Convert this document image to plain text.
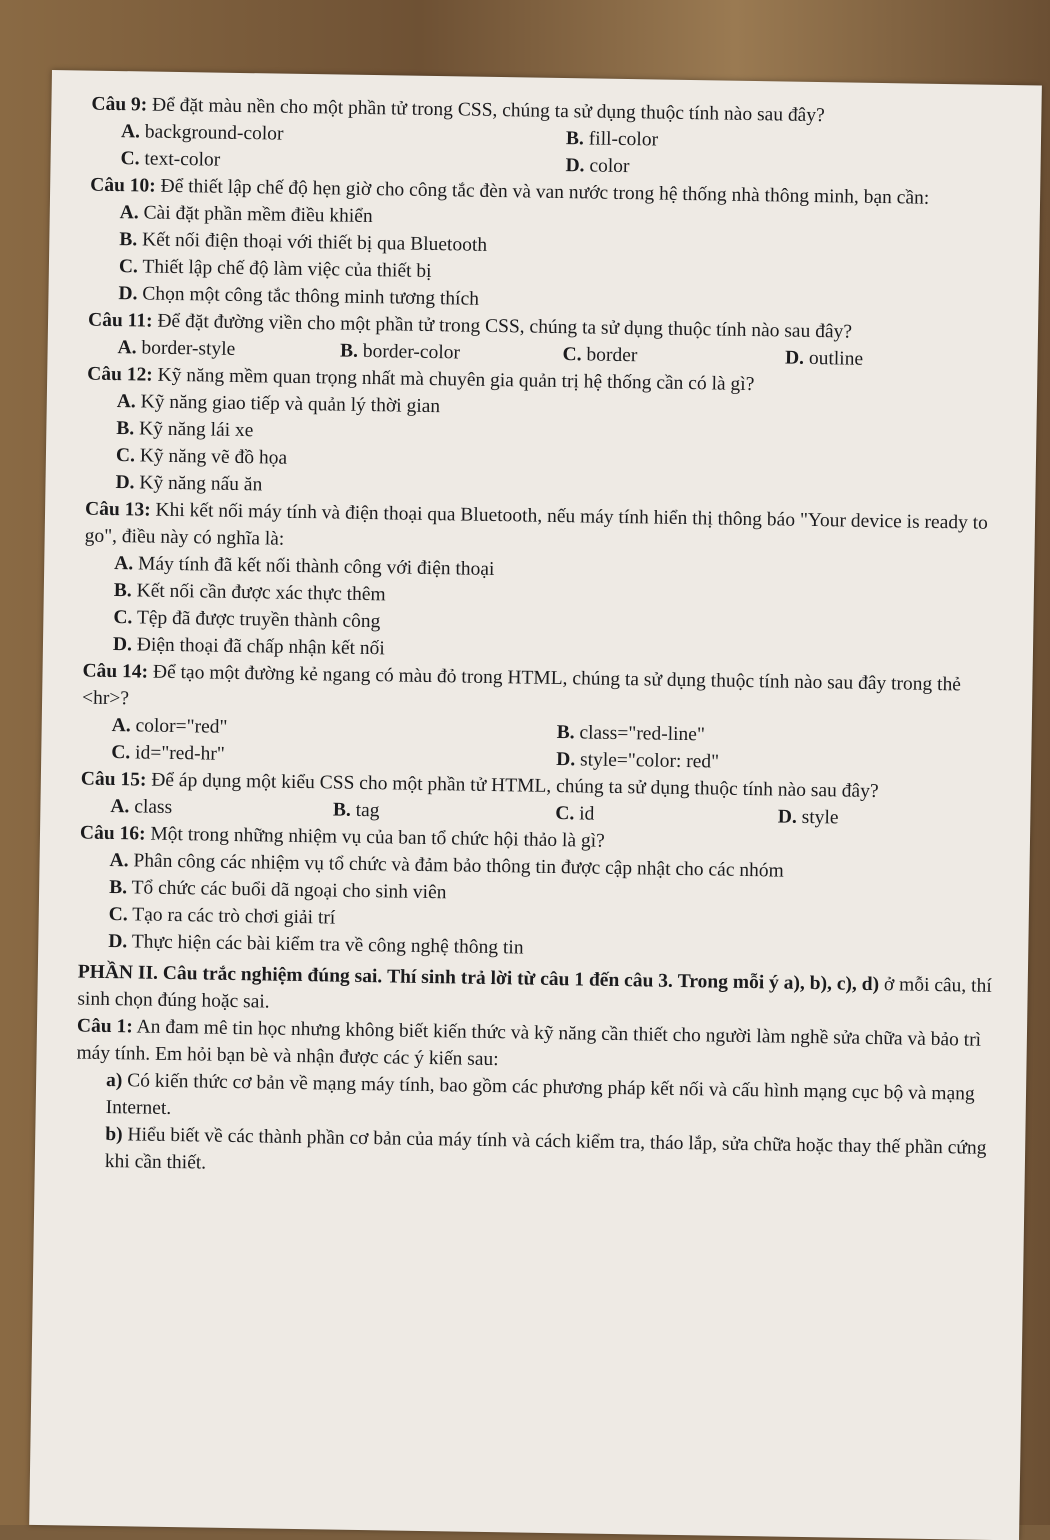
Câu 9: Để đặt màu nền cho một phần tử trong CSS, chúng ta sử dụng thuộc tính nào sau đây?

A. background-color	B. fill-color
C. text-color	D. color

Câu 10: Để thiết lập chế độ hẹn giờ cho công tắc đèn và van nước trong hệ thống nhà thông minh, bạn cần:

A. Cài đặt phần mềm điều khiển

B. Kết nối điện thoại với thiết bị qua Bluetooth

C. Thiết lập chế độ làm việc của thiết bị

D. Chọn một công tắc thông minh tương thích

Câu 11: Để đặt đường viền cho một phần tử trong CSS, chúng ta sử dụng thuộc tính nào sau đây?

A. border-style	B. border-color	C. border	D. outline

Câu 12: Kỹ năng mềm quan trọng nhất mà chuyên gia quản trị hệ thống cần có là gì?

A. Kỹ năng giao tiếp và quản lý thời gian

B. Kỹ năng lái xe

C. Kỹ năng vẽ đồ họa

D. Kỹ năng nấu ăn

Câu 13: Khi kết nối máy tính và điện thoại qua Bluetooth, nếu máy tính hiển thị thông báo "Your device is ready to go", điều này có nghĩa là:

A. Máy tính đã kết nối thành công với điện thoại

B. Kết nối cần được xác thực thêm

C. Tệp đã được truyền thành công

D. Điện thoại đã chấp nhận kết nối

Câu 14: Để tạo một đường kẻ ngang có màu đỏ trong HTML, chúng ta sử dụng thuộc tính nào sau đây trong thẻ <hr>?

A. color="red"	B. class="red-line"
C. id="red-hr"	D. style="color: red"

Câu 15: Để áp dụng một kiểu CSS cho một phần tử HTML, chúng ta sử dụng thuộc tính nào sau đây?

A. class	B. tag	C. id	D. style

Câu 16: Một trong những nhiệm vụ của ban tổ chức hội thảo là gì?

A. Phân công các nhiệm vụ tổ chức và đảm bảo thông tin được cập nhật cho các nhóm

B. Tổ chức các buổi dã ngoại cho sinh viên

C. Tạo ra các trò chơi giải trí

D. Thực hiện các bài kiểm tra về công nghệ thông tin

PHẦN II. Câu trắc nghiệm đúng sai. Thí sinh trả lời từ câu 1 đến câu 3. Trong mỗi ý a), b), c), d) ở mỗi câu, thí sinh chọn đúng hoặc sai.

Câu 1: An đam mê tin học nhưng không biết kiến thức và kỹ năng cần thiết cho người làm nghề sửa chữa và bảo trì máy tính. Em hỏi bạn bè và nhận được các ý kiến sau:

a) Có kiến thức cơ bản về mạng máy tính, bao gồm các phương pháp kết nối và cấu hình mạng cục bộ và mạng Internet.

b) Hiểu biết về các thành phần cơ bản của máy tính và cách kiểm tra, tháo lắp, sửa chữa hoặc thay thế phần cứng khi cần thiết.
